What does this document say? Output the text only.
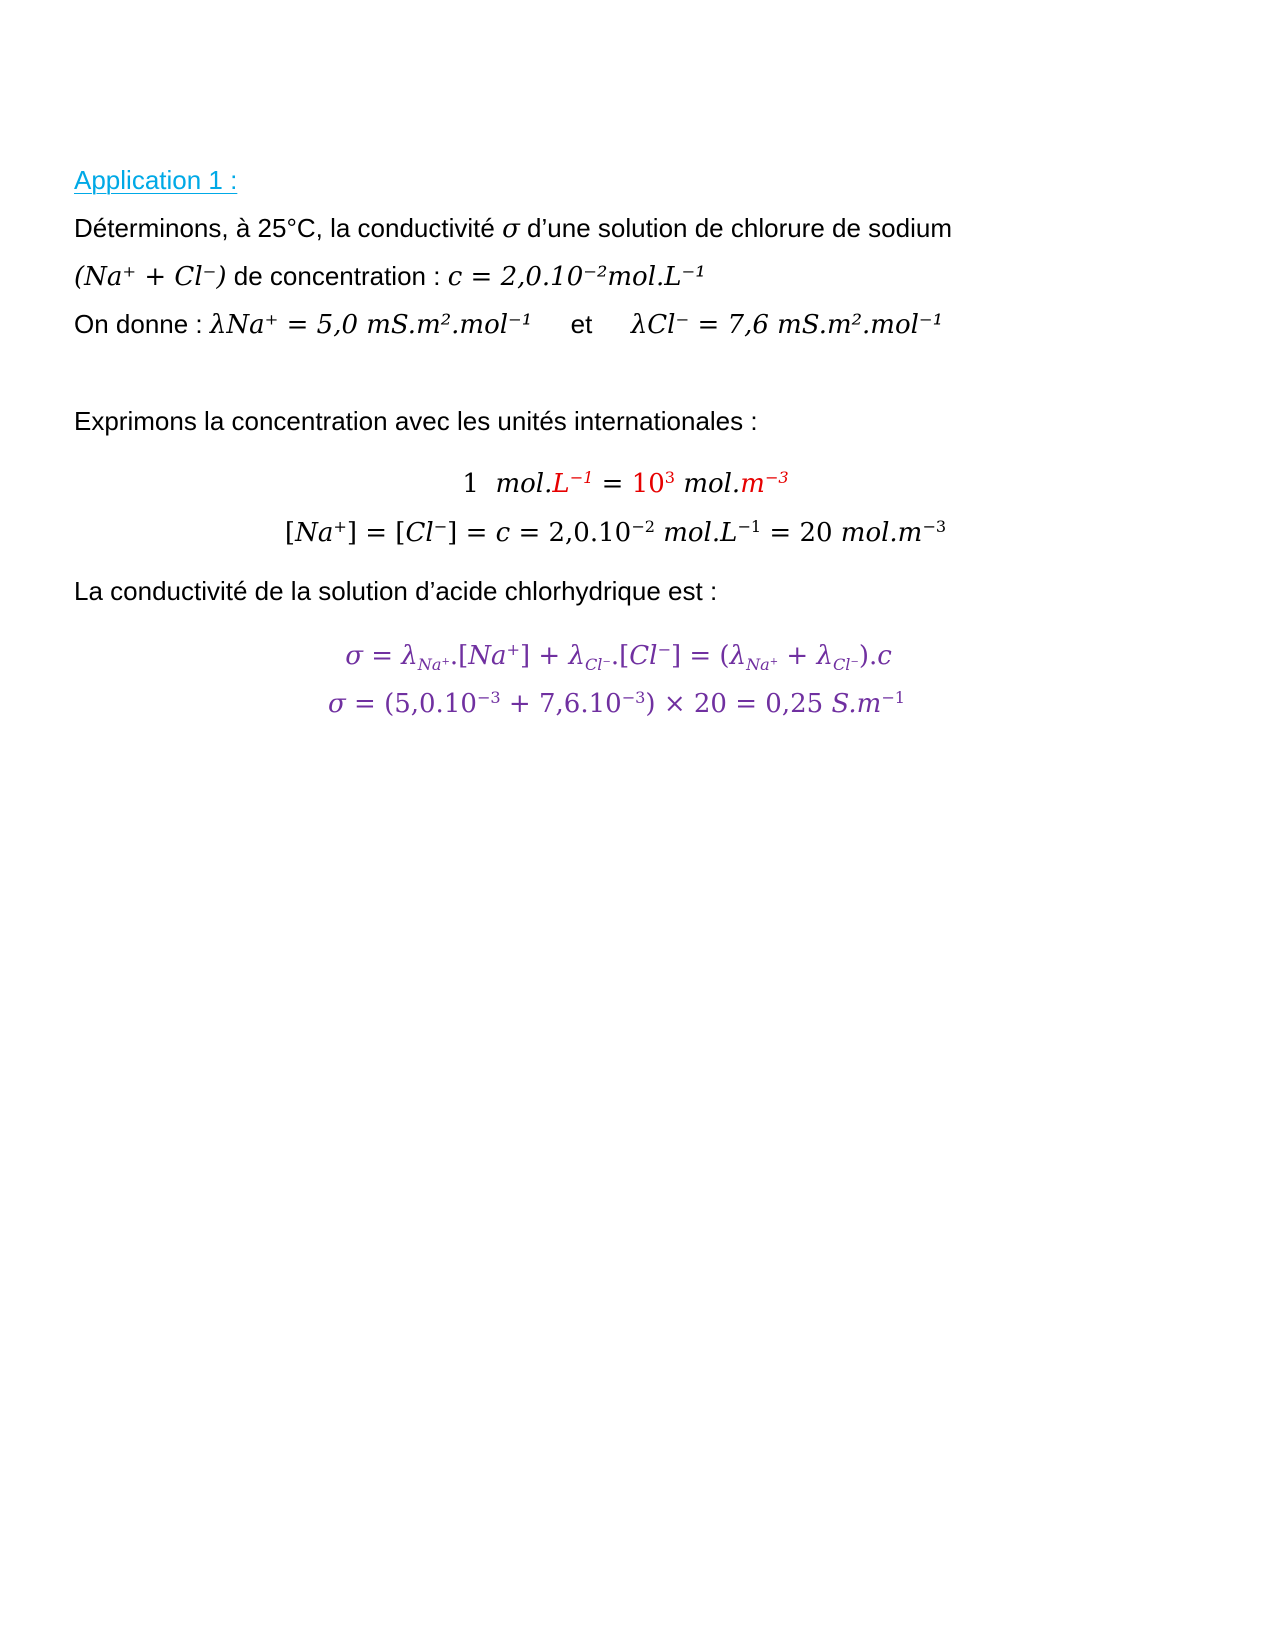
Application 1 :
Déterminons, à 25°C, la conductivité σ d’une solution de chlorure de sodium
(Na⁺ + Cl⁻) de concentration : c = 2,0.10⁻²mol.L⁻¹
On donne : λNa⁺ = 5,0 mS.m².mol⁻¹ et λCl⁻ = 7,6 mS.m².mol⁻¹
Exprimons la concentration avec les unités internationales :
1 $mol.L^{-1} = 10^3$ $mol.m^{-3}$
$[Na^+] = [Cl^-] = c = 2,0.10^{-2}$ $mol.L^{-1} = 20$ $mol.m^{-3}$
La conductivité de la solution d’acide chlorhydrique est :
$\sigma = \lambda_{Na^+}.[Na^+] + \lambda_{Cl^-}.[Cl^-] = (\lambda_{Na^+} + \lambda_{Cl^-}).c$
$\sigma = (5,0.10^{-3} + 7,6.10^{-3}) \times 20 = 0,25$ $S.m^{-1}$
